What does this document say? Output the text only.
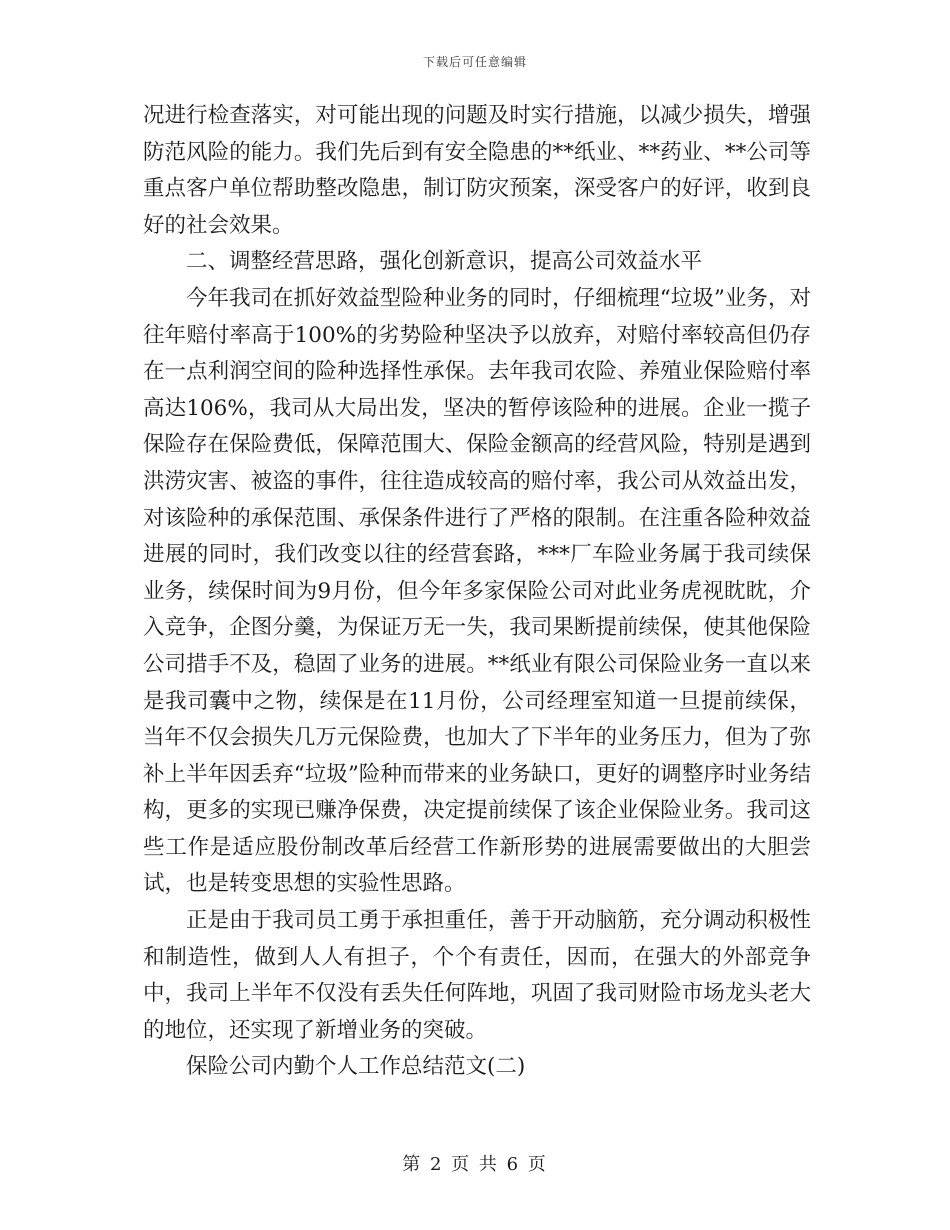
下载后可任意编辑

况进行检查落实，对可能出现的问题及时实行措施，以减少损失，增强防范风险的能力。我们先后到有安全隐患的**纸业、**药业、**公司等重点客户单位帮助整改隐患，制订防灾预案，深受客户的好评，收到良好的社会效果。

二、调整经营思路，强化创新意识，提高公司效益水平

今年我司在抓好效益型险种业务的同时，仔细梳理“垃圾”业务，对往年赔付率高于100%的劣势险种坚决予以放弃，对赔付率较高但仍存在一点利润空间的险种选择性承保。去年我司农险、养殖业保险赔付率高达106%，我司从大局出发，坚决的暂停该险种的进展。企业一揽子保险存在保险费低，保障范围大、保险金额高的经营风险，特别是遇到洪涝灾害、被盗的事件，往往造成较高的赔付率，我公司从效益出发，对该险种的承保范围、承保条件进行了严格的限制。在注重各险种效益进展的同时，我们改变以往的经营套路，***厂车险业务属于我司续保业务，续保时间为9月份，但今年多家保险公司对此业务虎视眈眈，介入竞争，企图分羹，为保证万无一失，我司果断提前续保，使其他保险公司措手不及，稳固了业务的进展。**纸业有限公司保险业务一直以来是我司囊中之物，续保是在11月份，公司经理室知道一旦提前续保，当年不仅会损失几万元保险费，也加大了下半年的业务压力，但为了弥补上半年因丢弃“垃圾”险种而带来的业务缺口，更好的调整序时业务结构，更多的实现已赚净保费，决定提前续保了该企业保险业务。我司这些工作是适应股份制改革后经营工作新形势的进展需要做出的大胆尝试，也是转变思想的实验性思路。

正是由于我司员工勇于承担重任，善于开动脑筋，充分调动积极性和制造性，做到人人有担子，个个有责任，因而，在强大的外部竞争中，我司上半年不仅没有丢失任何阵地，巩固了我司财险市场龙头老大的地位，还实现了新增业务的突破。

保险公司内勤个人工作总结范文(二)

第 2 页 共 6 页
